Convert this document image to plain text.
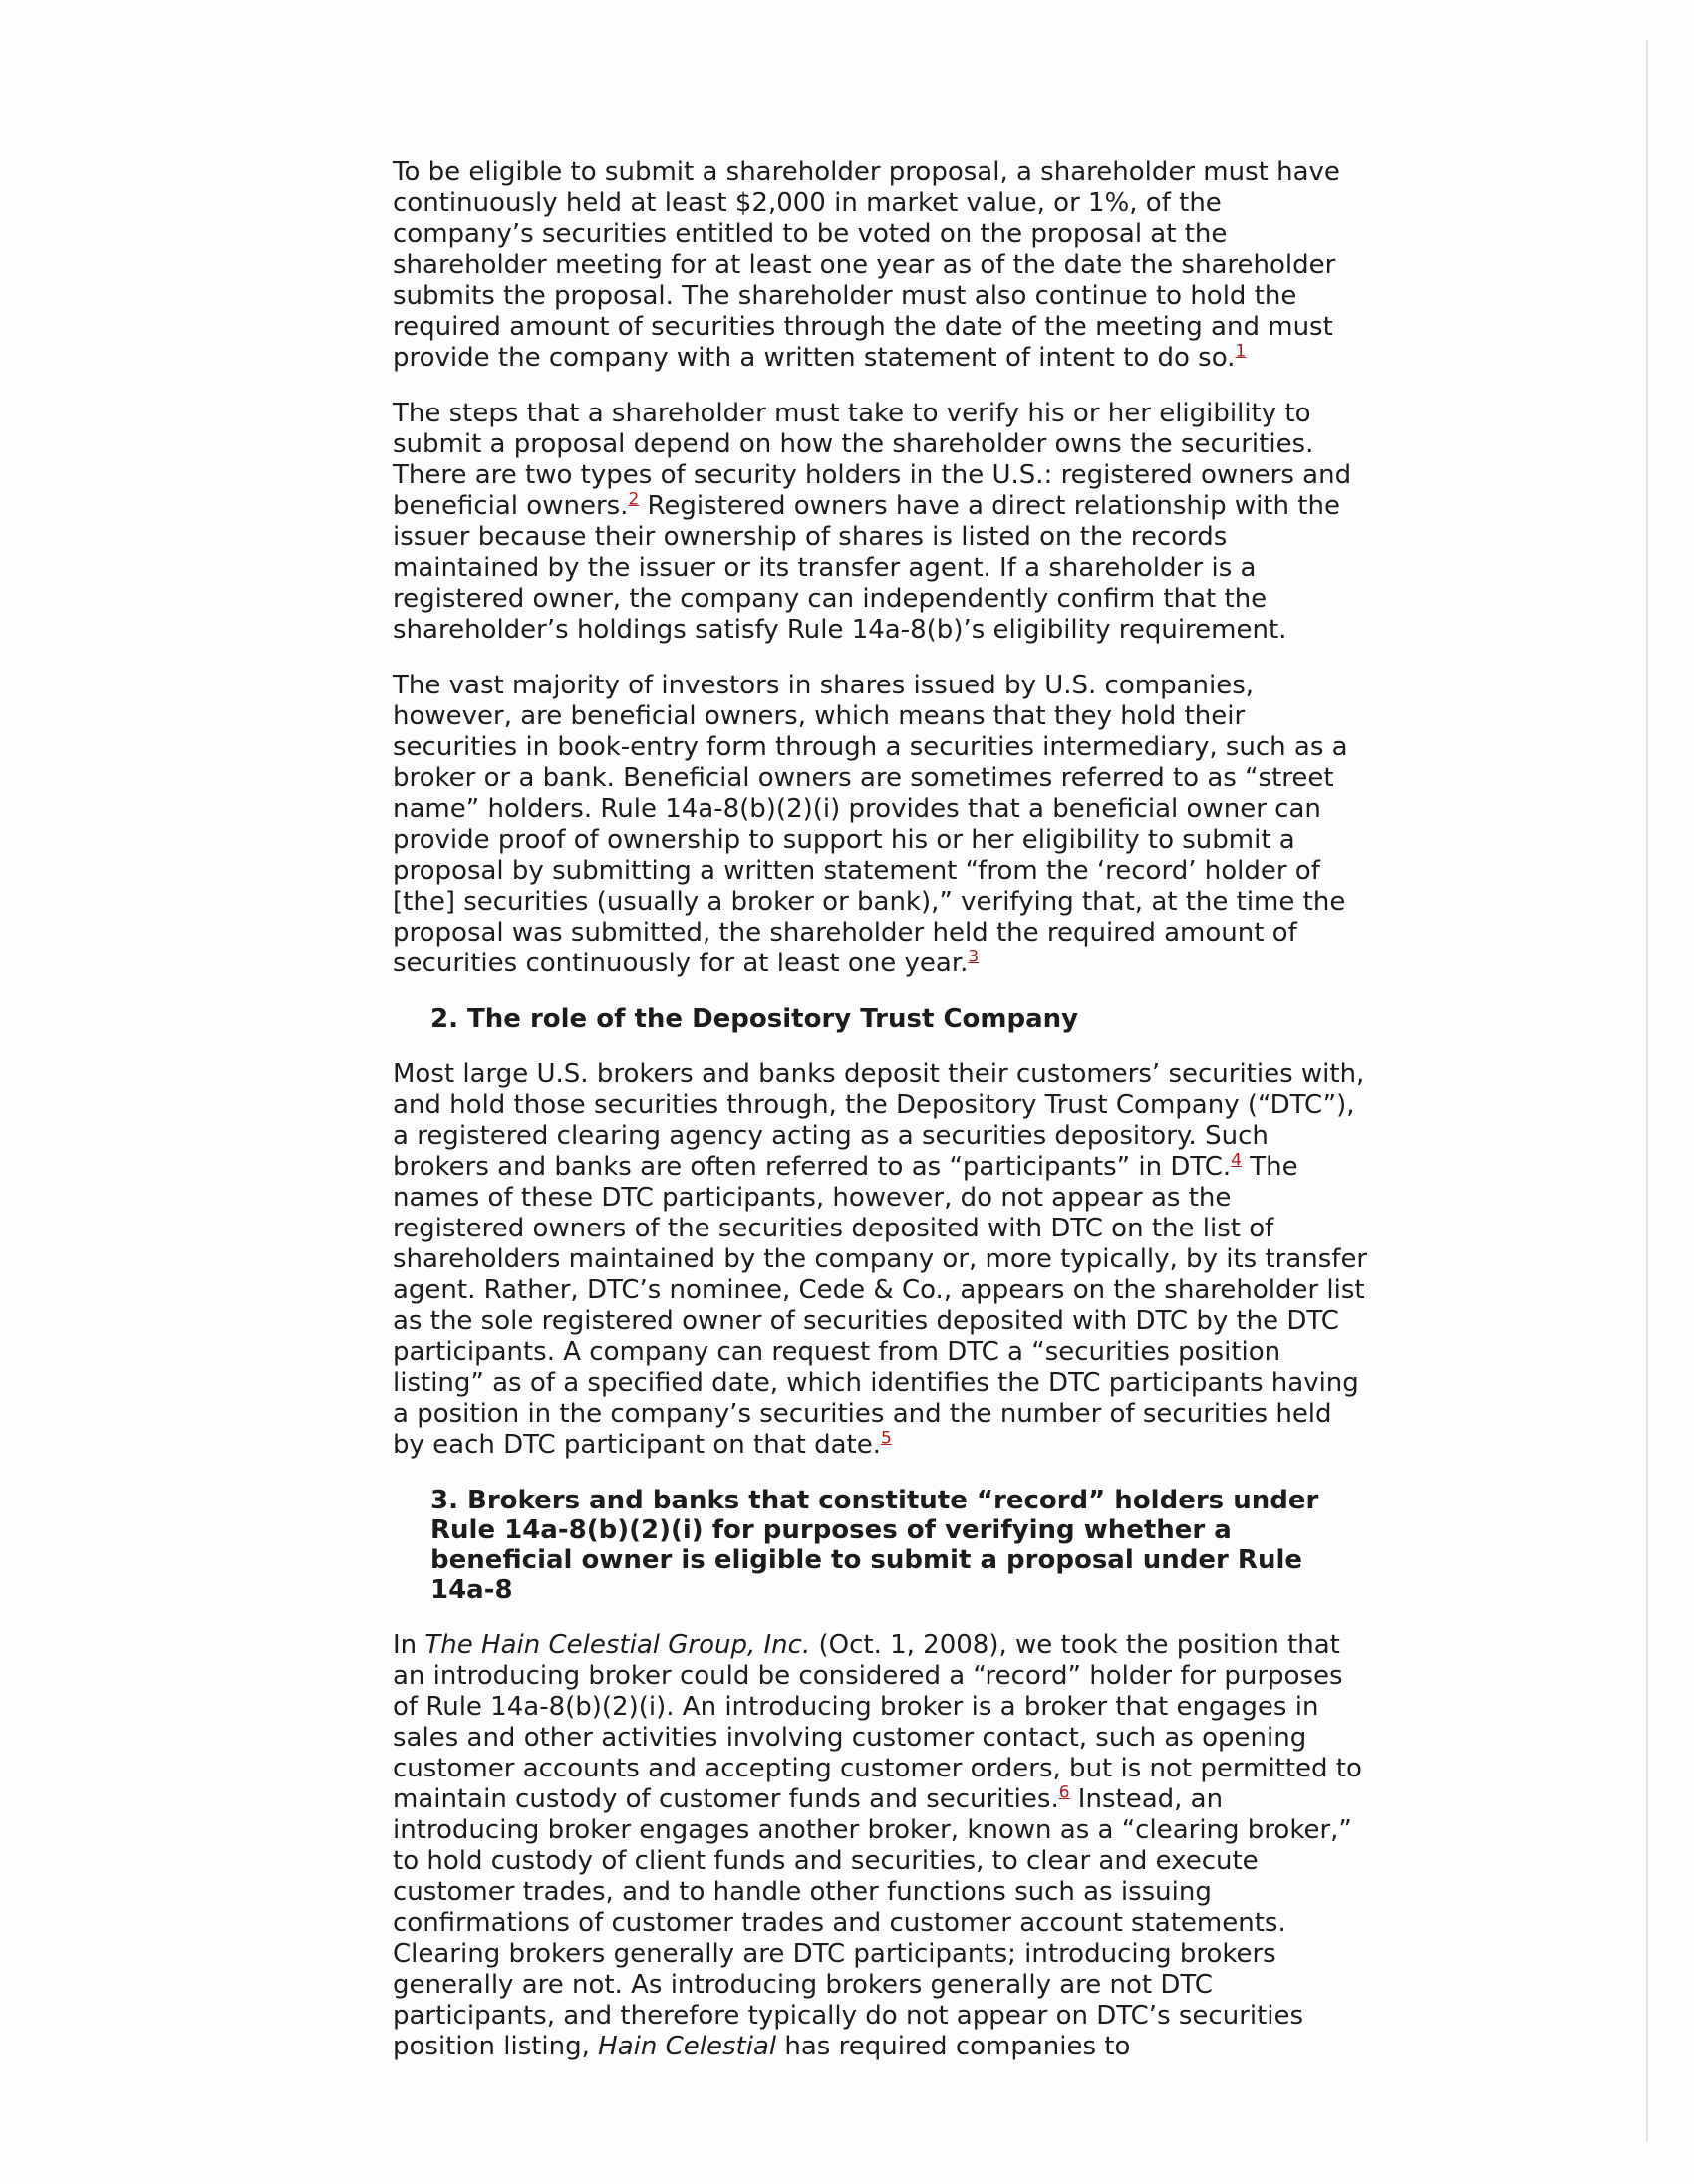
To be eligible to submit a shareholder proposal, a shareholder must have continuously held at least $2,000 in market value, or 1%, of the company’s securities entitled to be voted on the proposal at the shareholder meeting for at least one year as of the date the shareholder submits the proposal. The shareholder must also continue to hold the required amount of securities through the date of the meeting and must provide the company with a written statement of intent to do so.$^1$

The steps that a shareholder must take to verify his or her eligibility to submit a proposal depend on how the shareholder owns the securities. There are two types of security holders in the U.S.: registered owners and beneficial owners.$^2$ Registered owners have a direct relationship with the issuer because their ownership of shares is listed on the records maintained by the issuer or its transfer agent. If a shareholder is a registered owner, the company can independently confirm that the shareholder’s holdings satisfy Rule 14a-8(b)’s eligibility requirement.

The vast majority of investors in shares issued by U.S. companies, however, are beneficial owners, which means that they hold their securities in book-entry form through a securities intermediary, such as a broker or a bank. Beneficial owners are sometimes referred to as “street name” holders. Rule 14a-8(b)(2)(i) provides that a beneficial owner can provide proof of ownership to support his or her eligibility to submit a proposal by submitting a written statement “from the ‘record’ holder of [the] securities (usually a broker or bank),” verifying that, at the time the proposal was submitted, the shareholder held the required amount of securities continuously for at least one year.$^3$

2. The role of the Depository Trust Company

Most large U.S. brokers and banks deposit their customers’ securities with, and hold those securities through, the Depository Trust Company (“DTC”), a registered clearing agency acting as a securities depository. Such brokers and banks are often referred to as “participants” in DTC.$^4$ The names of these DTC participants, however, do not appear as the registered owners of the securities deposited with DTC on the list of shareholders maintained by the company or, more typically, by its transfer agent. Rather, DTC’s nominee, Cede & Co., appears on the shareholder list as the sole registered owner of securities deposited with DTC by the DTC participants. A company can request from DTC a “securities position listing” as of a specified date, which identifies the DTC participants having a position in the company’s securities and the number of securities held by each DTC participant on that date.$^5$

3. Brokers and banks that constitute “record” holders under Rule 14a-8(b)(2)(i) for purposes of verifying whether a beneficial owner is eligible to submit a proposal under Rule 14a-8

In The Hain Celestial Group, Inc. (Oct. 1, 2008), we took the position that an introducing broker could be considered a “record” holder for purposes of Rule 14a-8(b)(2)(i). An introducing broker is a broker that engages in sales and other activities involving customer contact, such as opening customer accounts and accepting customer orders, but is not permitted to maintain custody of customer funds and securities.$^6$ Instead, an introducing broker engages another broker, known as a “clearing broker,” to hold custody of client funds and securities, to clear and execute customer trades, and to handle other functions such as issuing confirmations of customer trades and customer account statements. Clearing brokers generally are DTC participants; introducing brokers generally are not. As introducing brokers generally are not DTC participants, and therefore typically do not appear on DTC’s securities position listing, Hain Celestial has required companies to
